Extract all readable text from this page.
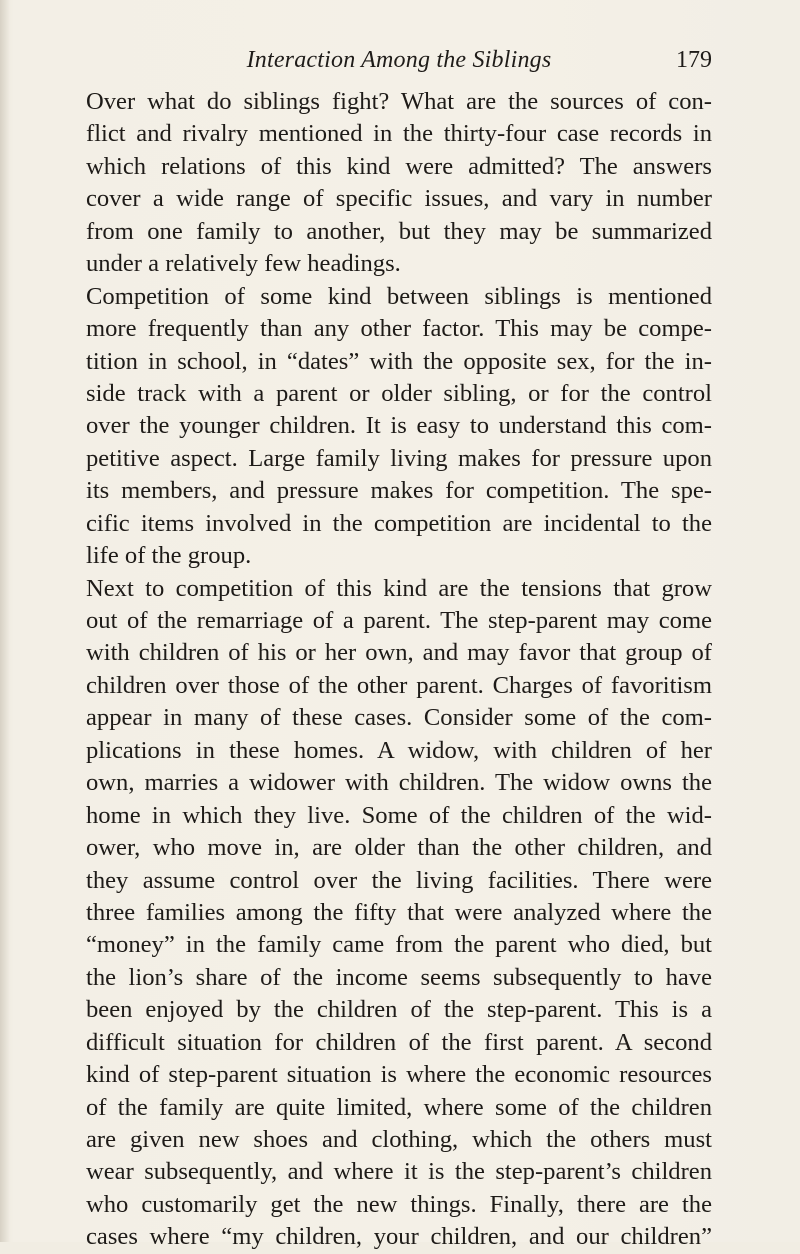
Interaction Among the Siblings	179
Over what do siblings fight? What are the sources of con-
flict and rivalry mentioned in the thirty-four case records in
which relations of this kind were admitted? The answers
cover a wide range of specific issues, and vary in number
from one family to another, but they may be summarized
under a relatively few headings.
Competition of some kind between siblings is mentioned
more frequently than any other factor. This may be compe-
tition in school, in “dates” with the opposite sex, for the in-
side track with a parent or older sibling, or for the control
over the younger children. It is easy to understand this com-
petitive aspect. Large family living makes for pressure upon
its members, and pressure makes for competition. The spe-
cific items involved in the competition are incidental to the
life of the group.
Next to competition of this kind are the tensions that grow
out of the remarriage of a parent. The step-parent may come
with children of his or her own, and may favor that group of
children over those of the other parent. Charges of favoritism
appear in many of these cases. Consider some of the com-
plications in these homes. A widow, with children of her
own, marries a widower with children. The widow owns the
home in which they live. Some of the children of the wid-
ower, who move in, are older than the other children, and
they assume control over the living facilities. There were
three families among the fifty that were analyzed where the
“money” in the family came from the parent who died, but
the lion’s share of the income seems subsequently to have
been enjoyed by the children of the step-parent. This is a
difficult situation for children of the first parent. A second
kind of step-parent situation is where the economic resources
of the family are quite limited, where some of the children
are given new shoes and clothing, which the others must
wear subsequently, and where it is the step-parent’s children
who customarily get the new things. Finally, there are the
cases where “my children, your children, and our children”
